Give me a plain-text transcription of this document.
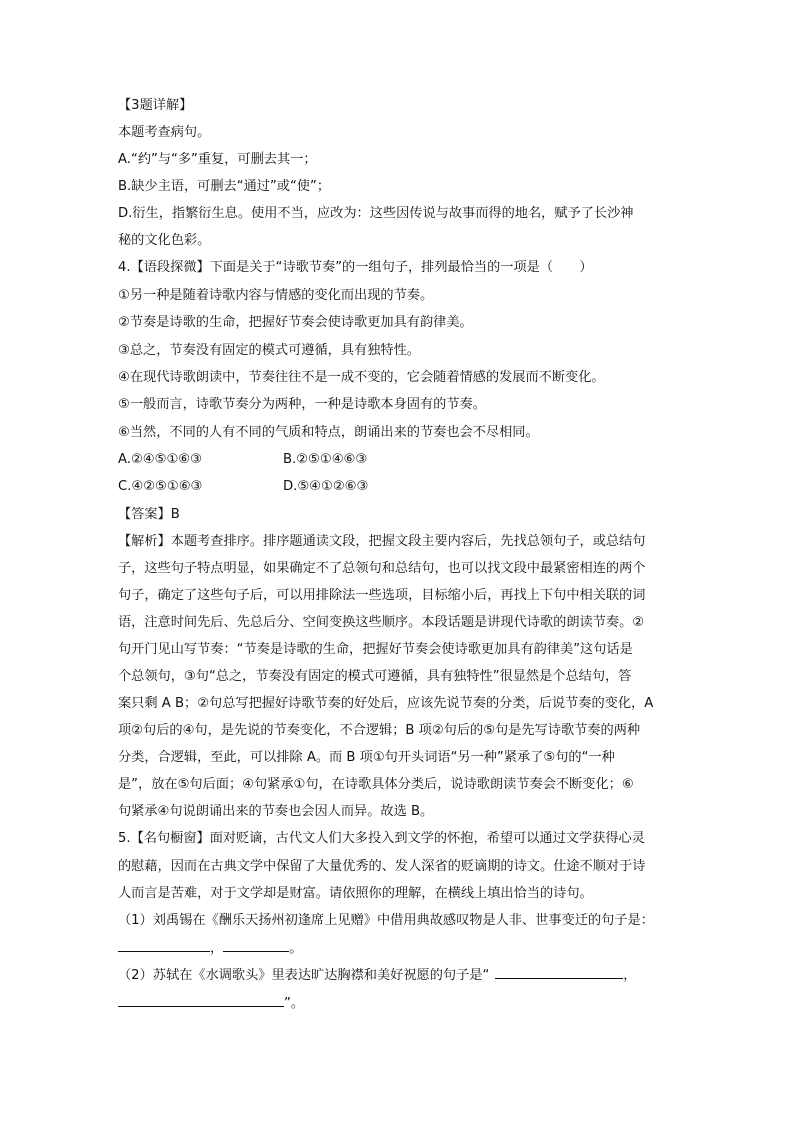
【3题详解】
本题考查病句。
A.“约”与“多”重复，可删去其一；
B.缺少主语，可删去“通过”或“使”；
D.衍生，指繁衍生息。使用不当，应改为：这些因传说与故事而得的地名，赋予了长沙神
秘的文化色彩。
4.【语段探微】下面是关于“诗歌节奏”的一组句子，排列最恰当的一项是（　　）
①另一种是随着诗歌内容与情感的变化而出现的节奏。
②节奏是诗歌的生命，把握好节奏会使诗歌更加具有韵律美。
③总之，节奏没有固定的模式可遵循，具有独特性。
④在现代诗歌朗读中，节奏往往不是一成不变的，它会随着情感的发展而不断变化。
⑤一般而言，诗歌节奏分为两种，一种是诗歌本身固有的节奏。
⑥当然，不同的人有不同的气质和特点，朗诵出来的节奏也会不尽相同。
A.②④⑤①⑥③	B.②⑤①④⑥③
C.④②⑤①⑥③	D.⑤④①②⑥③
【答案】B
【解析】本题考查排序。排序题通读文段，把握文段主要内容后，先找总领句子，或总结句
子，这些句子特点明显，如果确定不了总领句和总结句，也可以找文段中最紧密相连的两个
句子，确定了这些句子后，可以用排除法一些选项，目标缩小后，再找上下句中相关联的词
语，注意时间先后、先总后分、空间变换这些顺序。本段话题是讲现代诗歌的朗读节奏。②
句开门见山写节奏：“节奏是诗歌的生命，把握好节奏会使诗歌更加具有韵律美”这句话是
个总领句，③句“总之，节奏没有固定的模式可遵循，具有独特性”很显然是个总结句，答
案只剩 A B；②句总写把握好诗歌节奏的好处后，应该先说节奏的分类，后说节奏的变化，A
项②句后的④句，是先说的节奏变化，不合逻辑；B 项②句后的⑤句是先写诗歌节奏的两种
分类，合逻辑，至此，可以排除 A。而 B 项①句开头词语“另一种”紧承了⑤句的“一种
是”，放在⑤句后面；④句紧承①句，在诗歌具体分类后，说诗歌朗读节奏会不断变化；⑥
句紧承④句说朗诵出来的节奏也会因人而异。故选 B。
5.【名句橱窗】面对贬谪，古代文人们大多投入到文学的怀抱，希望可以通过文学获得心灵
的慰藉，因而在古典文学中保留了大量优秀的、发人深省的贬谪期的诗文。仕途不顺对于诗
人而言是苦难，对于文学却是财富。请依照你的理解，在横线上填出恰当的诗句。
（1）刘禹锡在《酬乐天扬州初逢席上见赠》中借用典故感叹物是人非、世事变迁的句子是：
，	。
（2）苏轼在《水调歌头》里表达旷达胸襟和美好祝愿的句子是“	，
”。
